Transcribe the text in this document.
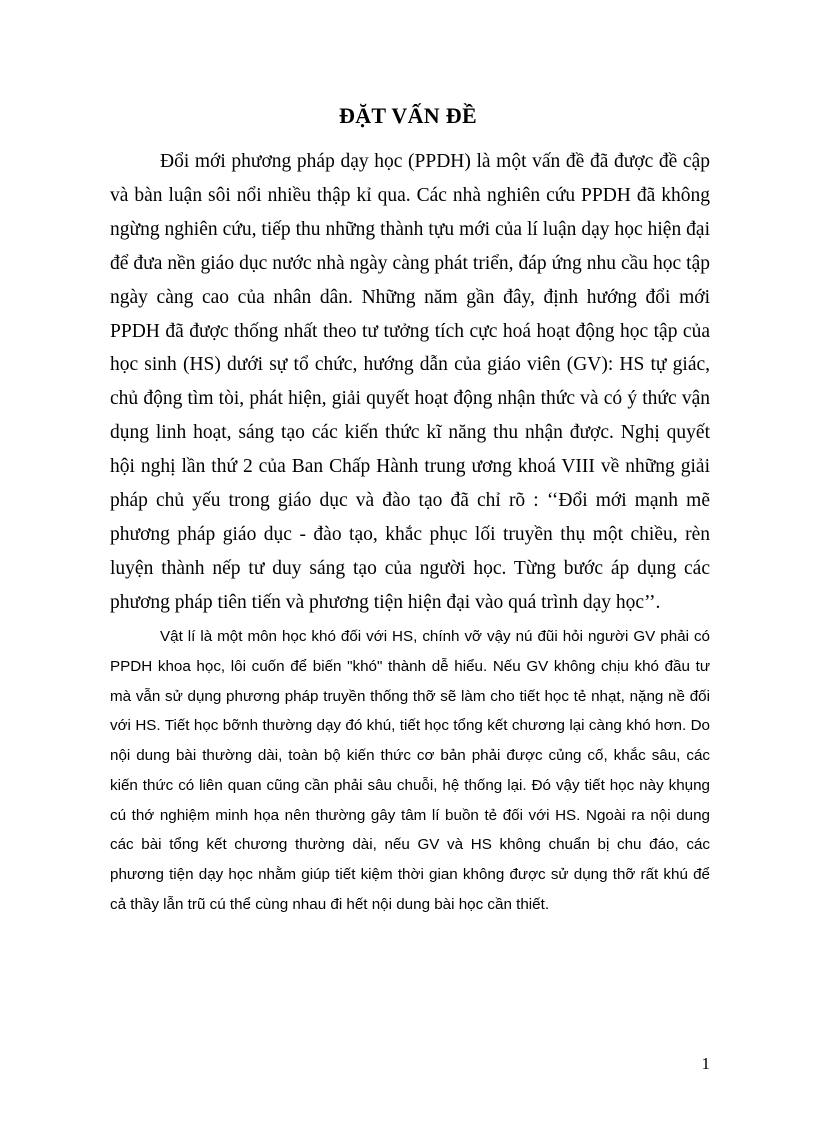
ĐẶT VẤN ĐỀ

Đổi mới phương pháp dạy học (PPDH) là một vấn đề đã được đề cập và bàn luận sôi nổi nhiều thập kỉ qua. Các nhà nghiên cứu PPDH đã không ngừng nghiên cứu, tiếp thu những thành tựu mới của lí luận dạy học hiện đại để đưa nền giáo dục nước nhà ngày càng phát triển, đáp ứng nhu cầu học tập ngày càng cao của nhân dân. Những năm gần đây, định hướng đổi mới PPDH đã được thống nhất theo tư tưởng tích cực hoá hoạt động học tập của học sinh (HS) dưới sự tổ chức, hướng dẫn của giáo viên (GV): HS tự giác, chủ động tìm tòi, phát hiện, giải quyết hoạt động nhận thức và có ý thức vận dụng linh hoạt, sáng tạo các kiến thức kĩ năng thu nhận được. Nghị quyết hội nghị lần thứ 2 của Ban Chấp Hành trung ương khoá VIII về những giải pháp chủ yếu trong giáo dục và đào tạo đã chỉ rõ : ‘‘Đổi mới mạnh mẽ phương pháp giáo dục - đào tạo, khắc phục lối truyền thụ một chiều, rèn luyện thành nếp tư duy sáng tạo của người học. Từng bước áp dụng các phương pháp tiên tiến và phương tiện hiện đại vào quá trình dạy học’’.

Vật lí là một môn học khó đối với HS, chính vỡ vậy nú đũi hỏi người GV phải có PPDH khoa học, lôi cuốn để biến "khó" thành dễ hiểu. Nếu GV không chịu khó đầu tư mà vẫn sử dụng phương pháp truyền thống thỡ sẽ làm cho tiết học tẻ nhạt, nặng nề đối với HS. Tiết học bỡnh thường dạy đó khú, tiết học tổng kết chương lại càng khó hơn. Do nội dung bài thường dài, toàn bộ kiến thức cơ bản phải được củng cố, khắc sâu, các kiến thức có liên quan cũng cần phải sâu chuỗi, hệ thống lại. Đó vậy tiết học này khụng cú thớ nghiệm minh họa nên thường gây tâm lí buồn tẻ đối với HS. Ngoài ra nội dung các bài tổng kết chương thường dài, nếu GV và HS không chuẩn bị chu đáo, các phương tiện dạy học nhằm giúp tiết kiệm thời gian không được sử dụng thỡ rất khú để cả thầy lẫn trũ cú thể cùng nhau đi hết nội dung bài học cần thiết.

1
